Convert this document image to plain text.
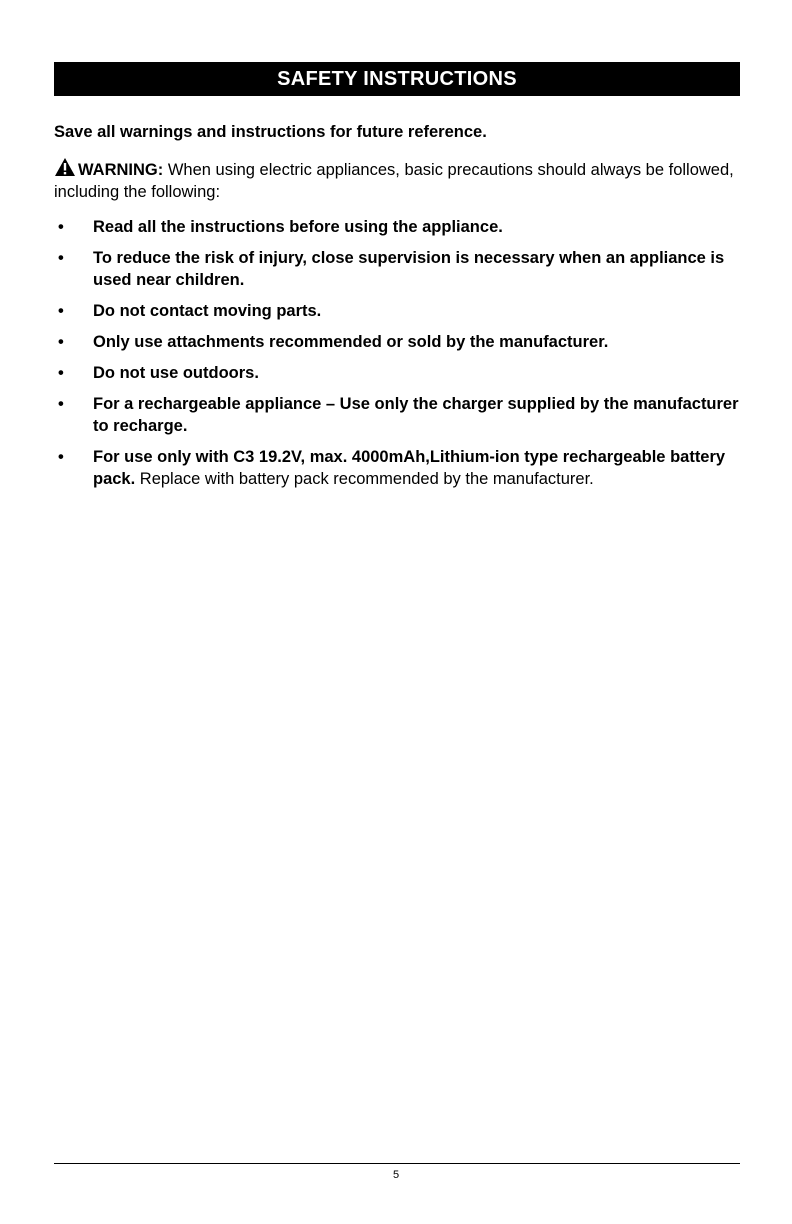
SAFETY INSTRUCTIONS
Save all warnings and instructions for future reference.
WARNING: When using electric appliances, basic precautions should always be followed, including the following:
• Read all the instructions before using the appliance.
• To reduce the risk of injury, close supervision is necessary when an appliance is used near children.
• Do not contact moving parts.
• Only use attachments recommended or sold by the manufacturer.
• Do not use outdoors.
• For a rechargeable appliance – Use only the charger supplied by the manufacturer to recharge.
• For use only with C3 19.2V, max. 4000mAh,Lithium-ion type rechargeable battery pack. Replace with battery pack recommended by the manufacturer.
5
